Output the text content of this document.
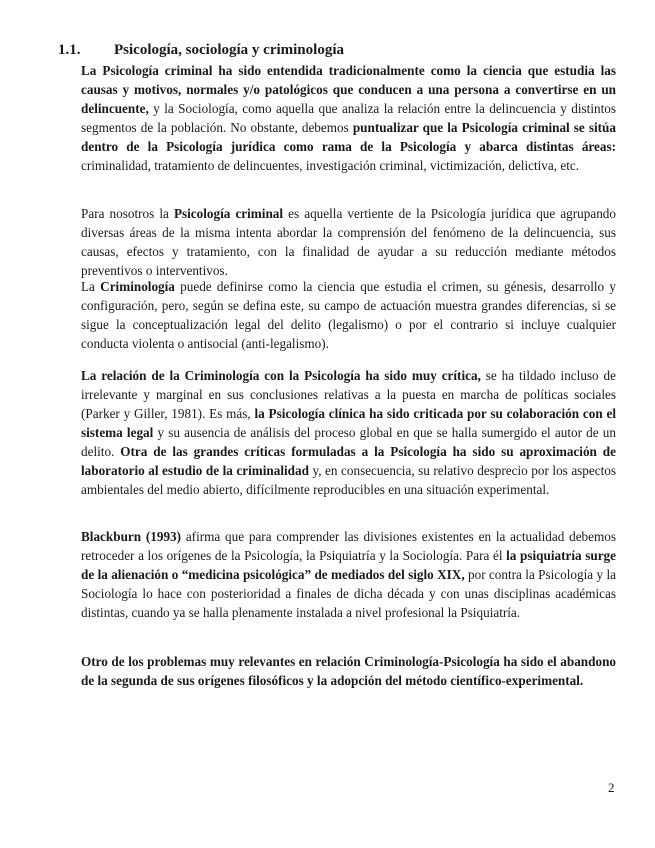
1.1. Psicología, sociología y criminología

La Psicología criminal ha sido entendida tradicionalmente como la ciencia que estudia las causas y motivos, normales y/o patológicos que conducen a una persona a convertirse en un delincuente, y la Sociología, como aquella que analiza la relación entre la delincuencia y distintos segmentos de la población. No obstante, debemos puntualizar que la Psicología criminal se sitúa dentro de la Psicología jurídica como rama de la Psicología y abarca distintas áreas: criminalidad, tratamiento de delincuentes, investigación criminal, victimización, delictiva, etc.

Para nosotros la Psicología criminal es aquella vertiente de la Psicología jurídica que agrupando diversas áreas de la misma intenta abordar la comprensión del fenómeno de la delincuencia, sus causas, efectos y tratamiento, con la finalidad de ayudar a su reducción mediante métodos preventivos o interventivos.

La Criminología puede definirse como la ciencia que estudia el crimen, su génesis, desarrollo y configuración, pero, según se defina este, su campo de actuación muestra grandes diferencias, si se sigue la conceptualización legal del delito (legalismo) o por el contrario si incluye cualquier conducta violenta o antisocial (anti-legalismo).

La relación de la Criminología con la Psicología ha sido muy crítica, se ha tildado incluso de irrelevante y marginal en sus conclusiones relativas a la puesta en marcha de políticas sociales (Parker y Giller, 1981). Es más, la Psicología clínica ha sido criticada por su colaboración con el sistema legal y su ausencia de análisis del proceso global en que se halla sumergido el autor de un delito. Otra de las grandes críticas formuladas a la Psicología ha sido su aproximación de laboratorio al estudio de la criminalidad y, en consecuencia, su relativo desprecio por los aspectos ambientales del medio abierto, difícilmente reproducibles en una situación experimental.

Blackburn (1993) afirma que para comprender las divisiones existentes en la actualidad debemos retroceder a los orígenes de la Psicología, la Psiquiatría y la Sociología. Para él la psiquiatría surge de la alienación o “medicina psicológica” de mediados del siglo XIX, por contra la Psicología y la Sociología lo hace con posterioridad a finales de dicha década y con unas disciplinas académicas distintas, cuando ya se halla plenamente instalada a nivel profesional la Psiquiatría.

Otro de los problemas muy relevantes en relación Criminología-Psicología ha sido el abandono de la segunda de sus orígenes filosóficos y la adopción del método científico-experimental.

2
